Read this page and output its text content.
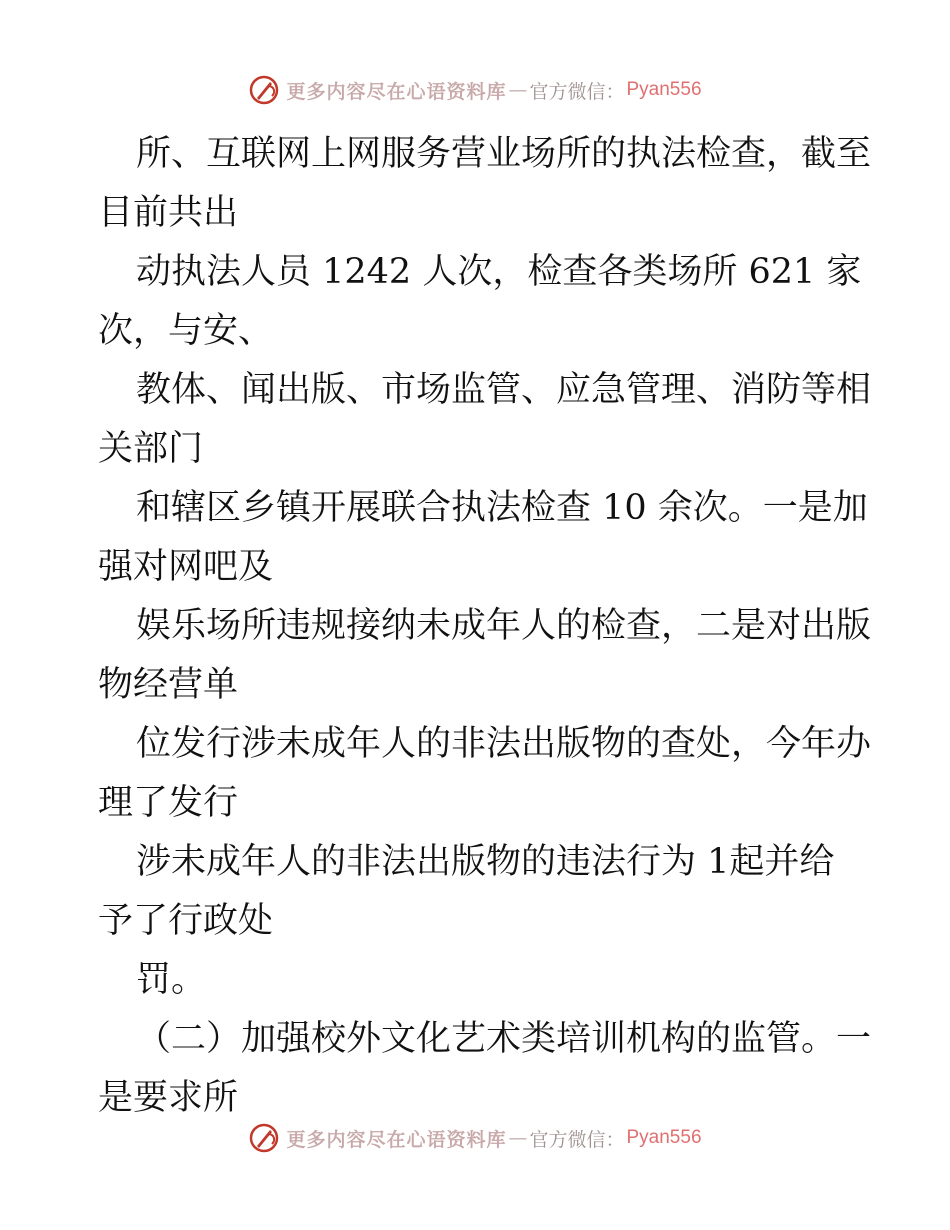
更多内容尽在心语资料库 — 官方微信： Pyan556
所、互联网上网服务营业场所的执法检查，截至
目前共出
动执法人员 1242 人次，检查各类场所 621 家
次，与安、
教体、闻出版、市场监管、应急管理、消防等相
关部门
和辖区乡镇开展联合执法检查 10 余次。一是加
强对网吧及
娱乐场所违规接纳未成年人的检查，二是对出版
物经营单
位发行涉未成年人的非法出版物的查处，今年办
理了发行
涉未成年人的非法出版物的违法行为 1起并给
予了行政处
罚。
（二）加强校外文化艺术类培训机构的监管。一
是要求所
更多内容尽在心语资料库 — 官方微信： Pyan556
